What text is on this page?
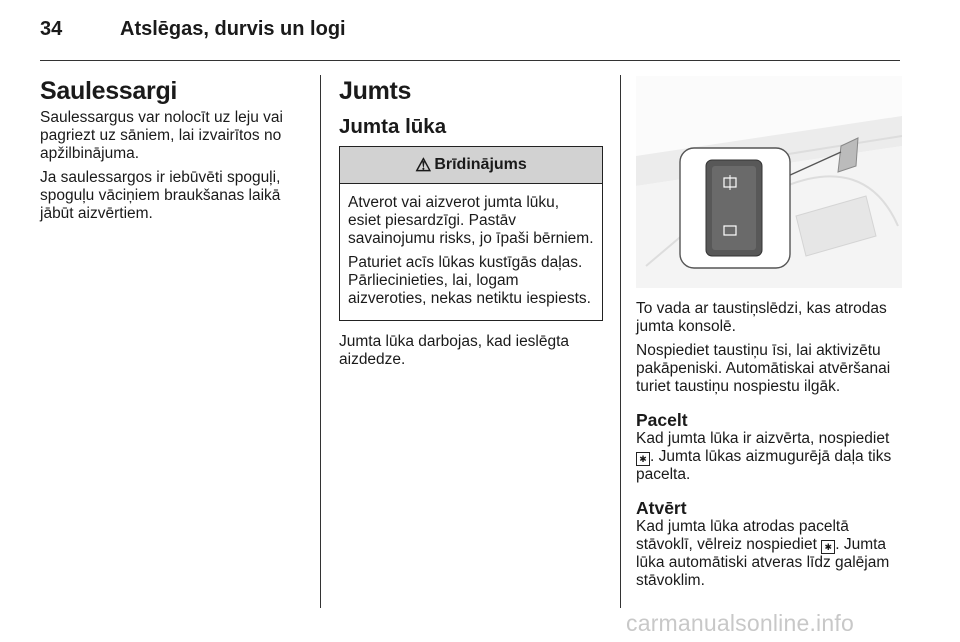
34	Atslēgas, durvis un logi
Saulessargi

Saulessargus var nolocīt uz leju vai pagriezt uz sāniem, lai izvairītos no apžilbinājuma.

Ja saulessargos ir iebūvēti spoguļi, spoguļu vāciņiem braukšanas laikā jābūt aizvērtiem.

Jumts
Jumta lūka
⚠ Brīdinājums

Atverot vai aizverot jumta lūku, esiet piesardzīgi. Pastāv savainojumu risks, jo īpaši bērniem.

Paturiet acīs lūkas kustīgās daļas. Pārliecinieties, lai, logam aizveroties, nekas netiktu iespiests.

Jumta lūka darbojas, kad ieslēgta aizdedze.

To vada ar taustiņslēdzi, kas atrodas jumta konsolē.

Nospiediet taustiņu īsi, lai aktivizētu pakāpeniski. Automātiskai atvēršanai turiet taustiņu nospiestu ilgāk.

Pacelt

Kad jumta lūka ir aizvērta, nospiediet ✱ . Jumta lūkas aizmugurējā daļa tiks pacelta.

Atvērt

Kad jumta lūka atrodas paceltā stāvoklī, vēlreiz nospiediet ✱ . Jumta lūka automātiski atveras līdz galējam stāvoklim.

carmanualsonline.info
